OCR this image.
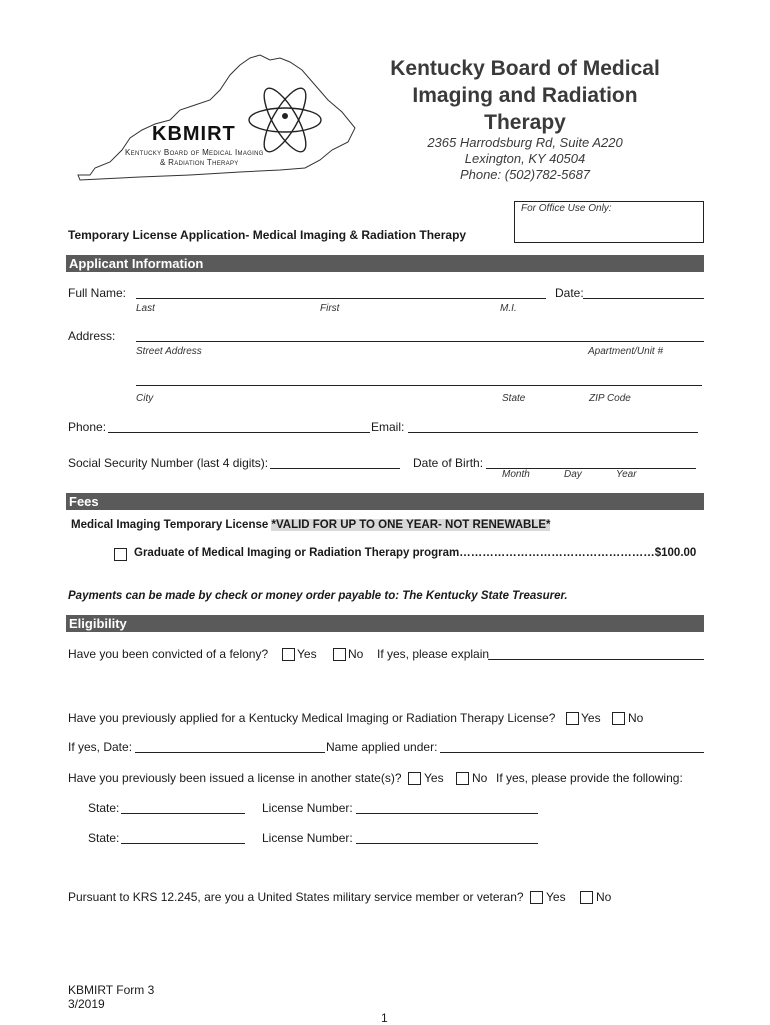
KBMIRT
Kentucky Board of Medical Imaging
& Radiation Therapy
Kentucky Board of Medical
Imaging and Radiation
Therapy
2365 Harrodsburg Rd, Suite A220
Lexington, KY 40504
Phone: (502)782-5687
For Office Use Only:
Temporary License Application- Medical Imaging & Radiation Therapy
Applicant Information
Full Name:	Date:
Last	First	M.I.
Address:
Street Address	Apartment/Unit #
City	State	ZIP Code
Phone:	Email:
Social Security Number (last 4 digits):	Date of Birth:
Month	Day	Year
Fees
Medical Imaging Temporary License *VALID FOR UP TO ONE YEAR- NOT RENEWABLE*
Graduate of Medical Imaging or Radiation Therapy program……………………………………………$100.00
Payments can be made by check or money order payable to: The Kentucky State Treasurer.
Eligibility
Have you been convicted of a felony? Yes	No If yes, please explain
Have you previously applied for a Kentucky Medical Imaging or Radiation Therapy License? Yes No
If yes, Date:	Name applied under:
Have you previously been issued a license in another state(s)? Yes No If yes, please provide the following:
State:	License Number:
State:	License Number:
Pursuant to KRS 12.245, are you a United States military service member or veteran? Yes	No
KBMIRT Form 3
3/2019
1
